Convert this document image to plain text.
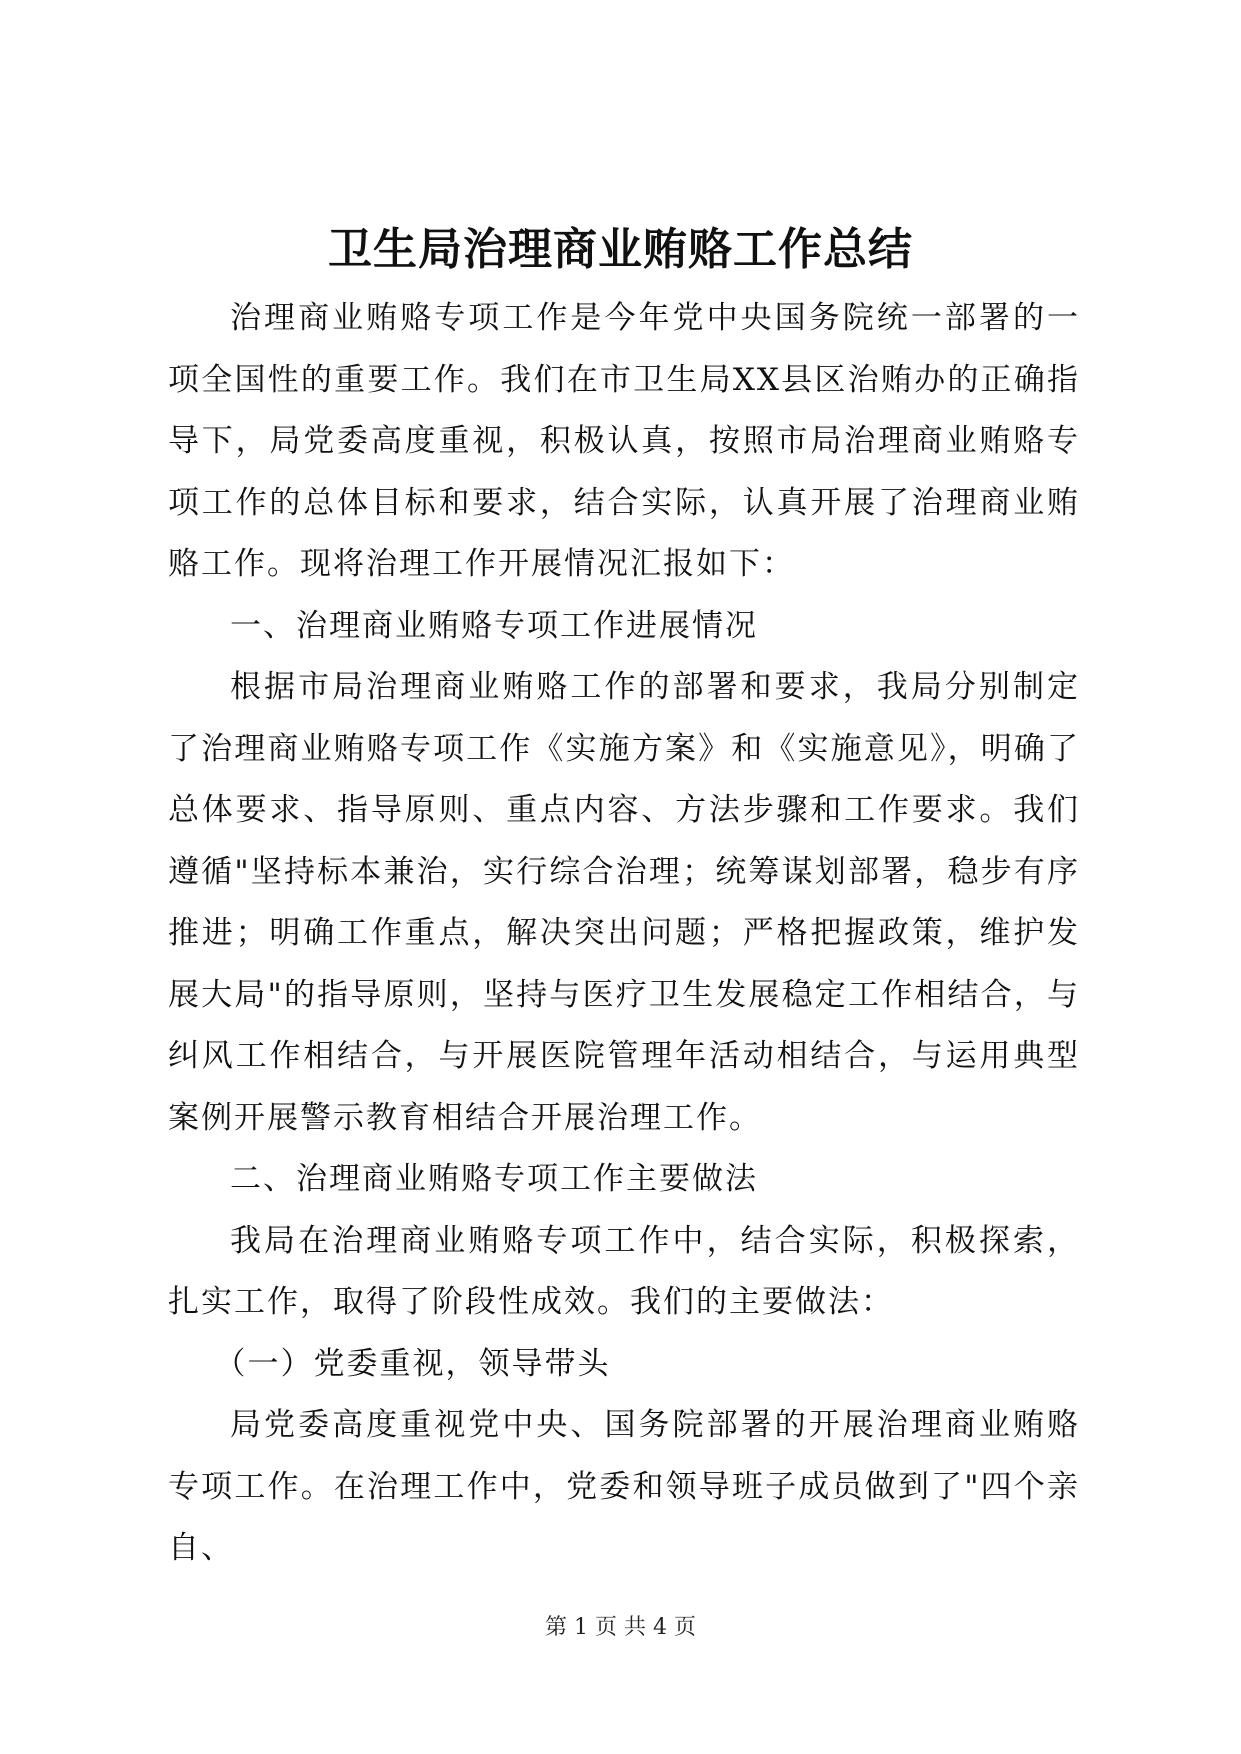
卫生局治理商业贿赂工作总结

治理商业贿赂专项工作是今年党中央国务院统一部署的一项全国性的重要工作。我们在市卫生局XX县区治贿办的正确指导下，局党委高度重视，积极认真，按照市局治理商业贿赂专项工作的总体目标和要求，结合实际，认真开展了治理商业贿赂工作。现将治理工作开展情况汇报如下：

一、治理商业贿赂专项工作进展情况

根据市局治理商业贿赂工作的部署和要求，我局分别制定了治理商业贿赂专项工作《实施方案》和《实施意见》，明确了总体要求、指导原则、重点内容、方法步骤和工作要求。我们遵循"坚持标本兼治，实行综合治理；统筹谋划部署，稳步有序推进；明确工作重点，解决突出问题；严格把握政策，维护发展大局"的指导原则，坚持与医疗卫生发展稳定工作相结合，与纠风工作相结合，与开展医院管理年活动相结合，与运用典型案例开展警示教育相结合开展治理工作。

二、治理商业贿赂专项工作主要做法

我局在治理商业贿赂专项工作中，结合实际，积极探索，扎实工作，取得了阶段性成效。我们的主要做法：

（一）党委重视，领导带头

局党委高度重视党中央、国务院部署的开展治理商业贿赂专项工作。在治理工作中，党委和领导班子成员做到了"四个亲自、

第 1 页 共 4 页
